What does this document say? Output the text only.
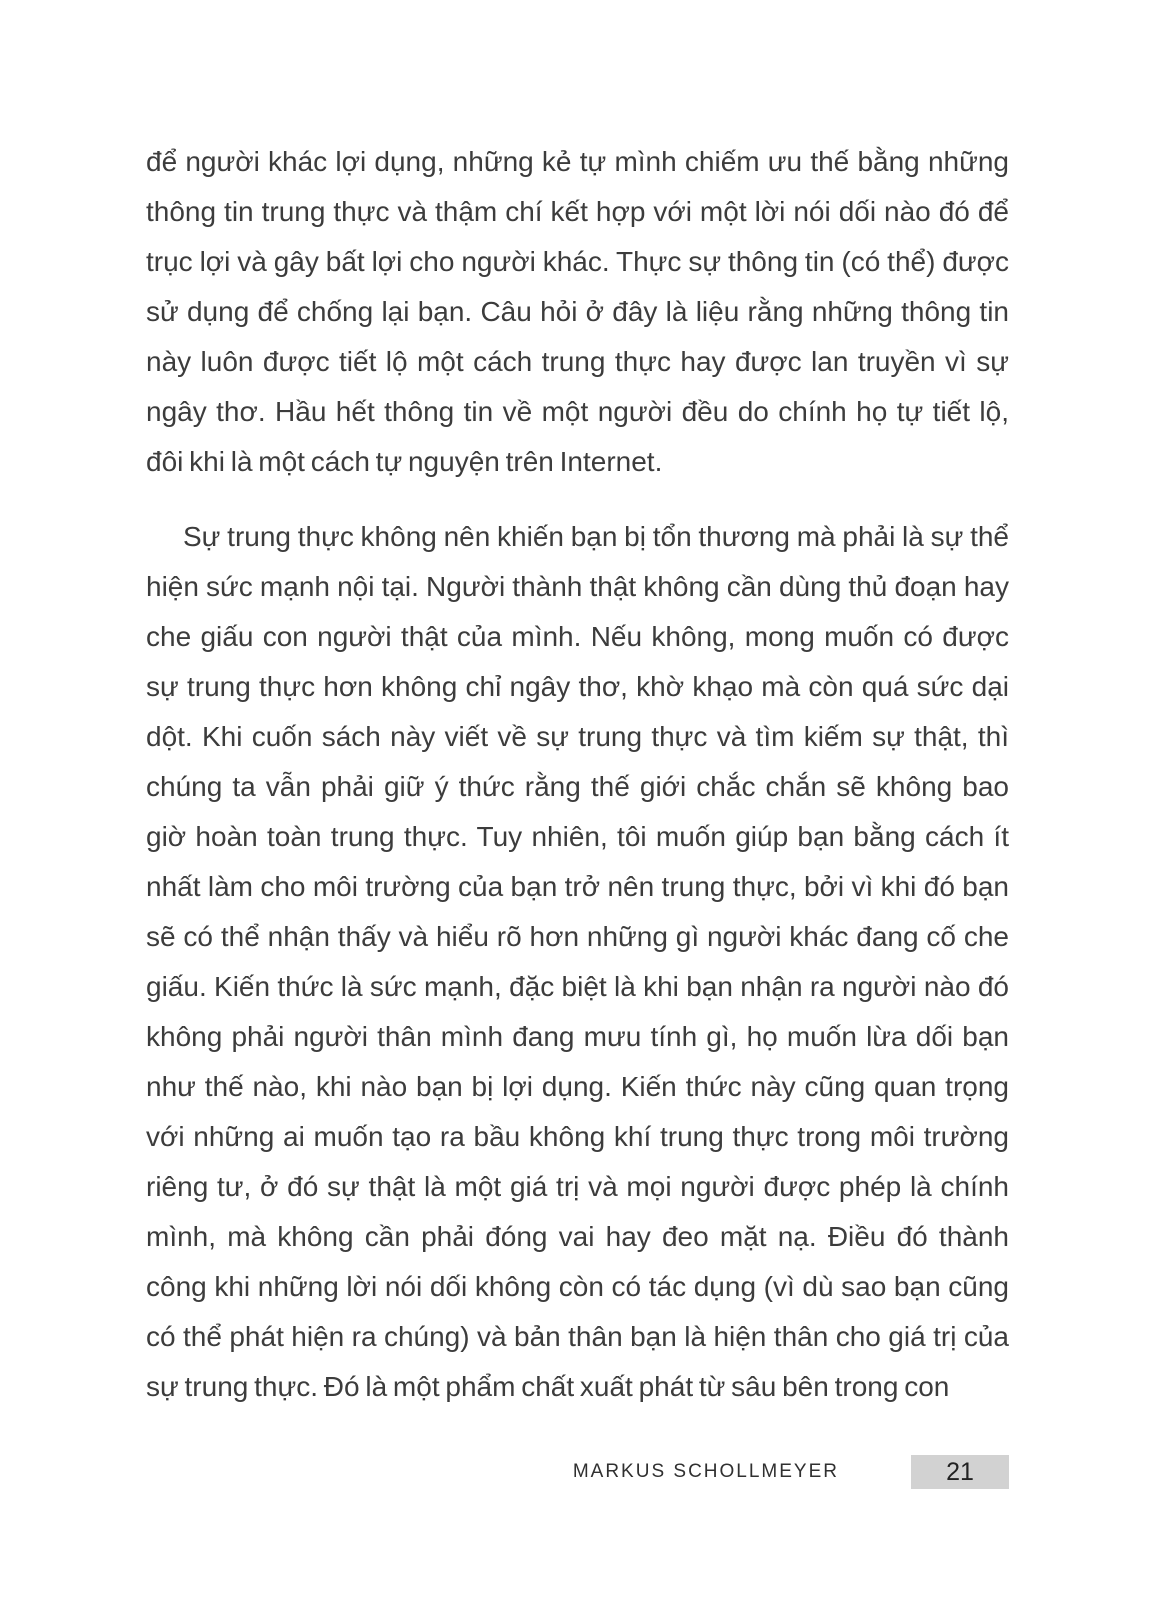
để người khác lợi dụng, những kẻ tự mình chiếm ưu thế bằng những
thông tin trung thực và thậm chí kết hợp với một lời nói dối nào đó để
trục lợi và gây bất lợi cho người khác. Thực sự thông tin (có thể) được
sử dụng để chống lại bạn. Câu hỏi ở đây là liệu rằng những thông tin
này luôn được tiết lộ một cách trung thực hay được lan truyền vì sự
ngây thơ. Hầu hết thông tin về một người đều do chính họ tự tiết lộ,
đôi khi là một cách tự nguyện trên Internet.

Sự trung thực không nên khiến bạn bị tổn thương mà phải là sự thể
hiện sức mạnh nội tại. Người thành thật không cần dùng thủ đoạn hay
che giấu con người thật của mình. Nếu không, mong muốn có được
sự trung thực hơn không chỉ ngây thơ, khờ khạo mà còn quá sức dại
dột. Khi cuốn sách này viết về sự trung thực và tìm kiếm sự thật, thì
chúng ta vẫn phải giữ ý thức rằng thế giới chắc chắn sẽ không bao
giờ hoàn toàn trung thực. Tuy nhiên, tôi muốn giúp bạn bằng cách ít
nhất làm cho môi trường của bạn trở nên trung thực, bởi vì khi đó bạn
sẽ có thể nhận thấy và hiểu rõ hơn những gì người khác đang cố che
giấu. Kiến thức là sức mạnh, đặc biệt là khi bạn nhận ra người nào đó
không phải người thân mình đang mưu tính gì, họ muốn lừa dối bạn
như thế nào, khi nào bạn bị lợi dụng. Kiến thức này cũng quan trọng
với những ai muốn tạo ra bầu không khí trung thực trong môi trường
riêng tư, ở đó sự thật là một giá trị và mọi người được phép là chính
mình, mà không cần phải đóng vai hay đeo mặt nạ. Điều đó thành
công khi những lời nói dối không còn có tác dụng (vì dù sao bạn cũng
có thể phát hiện ra chúng) và bản thân bạn là hiện thân cho giá trị của
sự trung thực. Đó là một phẩm chất xuất phát từ sâu bên trong con

MARKUS SCHOLLMEYER	21
